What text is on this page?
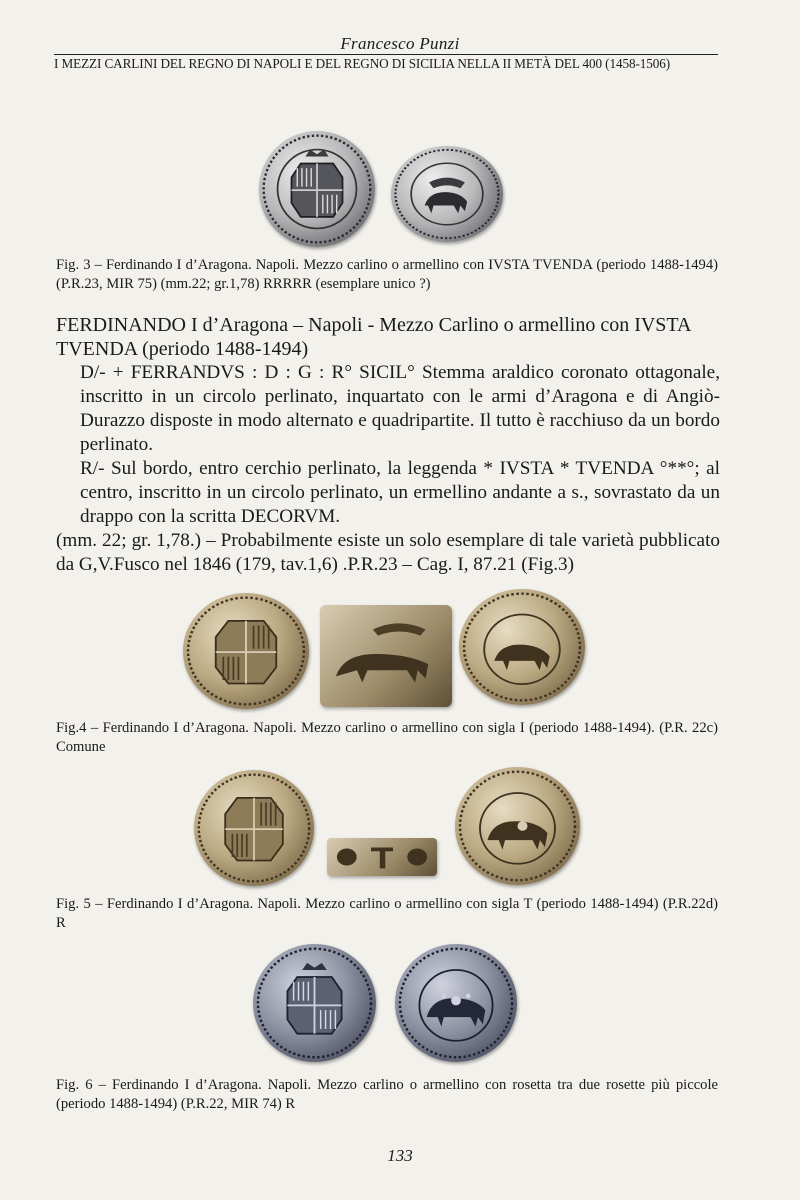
Francesco Punzi
I MEZZI CARLINI DEL REGNO DI NAPOLI E DEL REGNO DI SICILIA NELLA II METÀ DEL 400 (1458-1506)
Fig. 3 – Ferdinando I d’Aragona. Napoli. Mezzo carlino o armellino con IVSTA TVENDA (periodo 1488-1494) (P.R.23, MIR 75) (mm.22; gr.1,78) RRRRR (esemplare unico ?)
FERDINANDO I d’Aragona – Napoli - Mezzo Carlino o armellino con IVSTA TVENDA (periodo 1488-1494)
D/- + FERRANDVS : D : G : R° SICIL° Stemma araldico coronato ottagonale, inscritto in un circolo perlinato, inquartato con le armi d’Aragona e di Angiò-Durazzo disposte in modo alternato e quadripartite. Il tutto è racchiuso da un bordo perlinato.
R/- Sul bordo, entro cerchio perlinato, la leggenda * IVSTA * TVENDA °**°; al centro, inscritto in un circolo perlinato, un ermellino andante a s., sovrastato da un drappo con la scritta DECORVM.
(mm. 22; gr. 1,78.) – Probabilmente esiste un solo esemplare di tale varietà pubblicato da G,V.Fusco nel 1846 (179, tav.1,6) .P.R.23 – Cag. I, 87.21 (Fig.3)
Fig.4 – Ferdinando I d’Aragona. Napoli. Mezzo carlino o armellino con sigla I (periodo 1488-1494). (P.R. 22c) Comune
Fig. 5 – Ferdinando I d’Aragona. Napoli. Mezzo carlino o armellino con sigla T (periodo 1488-1494) (P.R.22d) R
Fig. 6 – Ferdinando I d’Aragona. Napoli. Mezzo carlino o armellino con rosetta tra due rosette più piccole (periodo 1488-1494) (P.R.22, MIR 74) R
133
